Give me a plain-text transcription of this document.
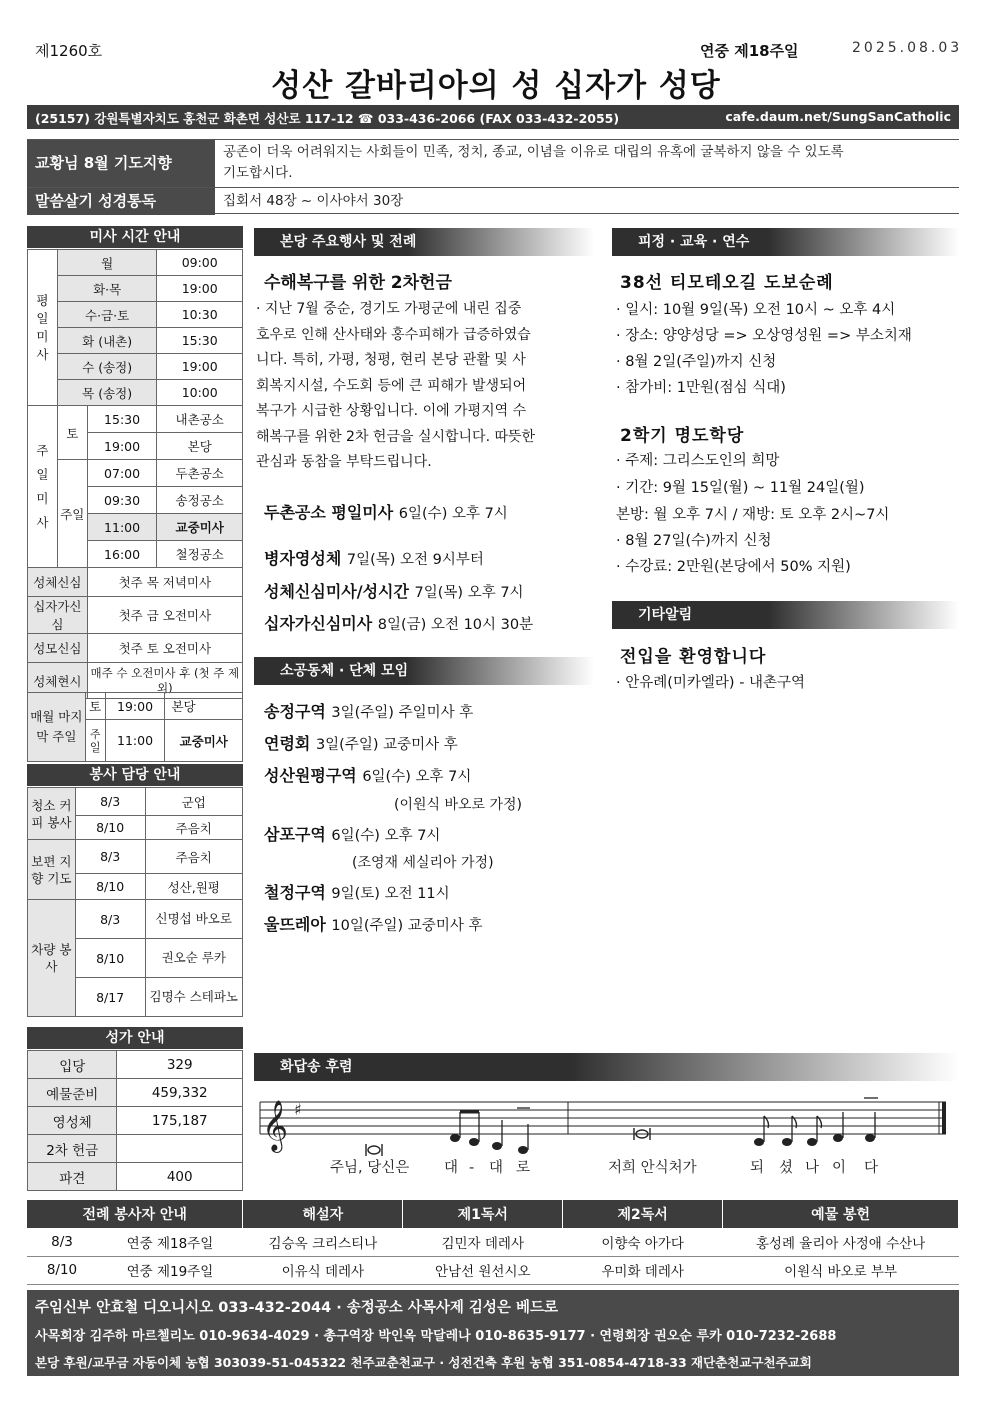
제1260호	연중 제18주일	2025.08.03
성산 갈바리아의 성 십자가 성당
(25157) 강원특별자치도 홍천군 화촌면 성산로 117-12 ☎ 033-436-2066 (FAX 033-432-2055)	cafe.daum.net/SungSanCatholic
교황님 8월 기도지향
공존이 더욱 어려워지는 사회들이 민족, 정치, 종교, 이념을 이유로 대립의 유혹에 굴복하지 않을 수 있도록
기도합시다.
말씀살기 성경통독	집회서 48장 ~ 이사야서 30장
미사 시간 안내
평
일
미
사	월		09:00
	화·목		19:00
	수·금·토		10:30
	화 (내촌)		15:30
	수 (송정)		19:00
	목 (송정)		10:00
주
일
미
사	토	15:30	내촌공소
		19:00	본당
	주일	07:00	두촌공소
		09:30	송정공소
		11:00	교중미사
		16:00	철정공소
성체신심		첫주 목 저녁미사	
십자가신심		첫주 금 오전미사	
성모신심		첫주 토 오전미사	
성체현시		매주 수 오전미사 후 (첫 주 제외)	
매월 마지막 주일	토	19:00	본당
	주일	11:00	교중미사
봉사 담당 안내
청소 커피 봉사	8/3	군업
	8/10	주음치
보편 지향 기도	8/3	주음치
	8/10	성산,원평
차량 봉사	8/3	신명섭 바오로
	8/10	권오순 루카
	8/17	김명수 스테파노
성가 안내
입당	329
예물준비	459,332
영성체	175,187
2차 헌금	
파견	400
본당 주요행사 및 전례
수해복구를 위한 2차헌금
· 지난 7월 중순, 경기도 가평군에 내린 집중
호우로 인해 산사태와 홍수피해가 급증하였습
니다. 특히, 가평, 청평, 현리 본당 관활 및 사
회복지시설, 수도회 등에 큰 피해가 발생되어
복구가 시급한 상황입니다. 이에 가평지역 수
해복구를 위한 2차 헌금을 실시합니다. 따뜻한
관심과 동참을 부탁드립니다.
두촌공소 평일미사 6일(수) 오후 7시
병자영성체 7일(목) 오전 9시부터
성체신심미사/성시간 7일(목) 오후 7시
십자가신심미사 8일(금) 오전 10시 30분
소공동체 · 단체 모임
송정구역 3일(주일) 주일미사 후
연령회 3일(주일) 교중미사 후
성산원평구역 6일(수) 오후 7시
(이원식 바오로 가정)
삼포구역 6일(수) 오후 7시
(조영재 세실리아 가정)
철정구역 9일(토) 오전 11시
울뜨레아 10일(주일) 교중미사 후
피정 · 교육 · 연수
38선 티모테오길 도보순례
· 일시: 10월 9일(목) 오전 10시 ~ 오후 4시
· 장소: 양양성당 => 오상영성원 => 부소치재
· 8월 2일(주일)까지 신청
· 참가비: 1만원(점심 식대)
2학기 명도학당
· 주제: 그리스도인의 희망
· 기간: 9월 15일(월) ~ 11월 24일(월)
본방: 월 오후 7시 / 재방: 토 오후 2시~7시
· 8월 27일(수)까지 신청
· 수강료: 2만원(본당에서 50% 지원)
기타알림
전입을 환영합니다
· 안유례(미카엘라) - 내촌구역
화답송 후렴
𝄞 ♯
주님, 당신은 대 - 대 로	저희 안식처가	되 셨 나 이 다
전례 봉사자 안내		해설자	제1독서	제2독서	예물 봉헌
8/3	연중 제18주일	김승옥 크리스티나	김민자 데레사	이향숙 아가다	홍성례 율리아 사정애 수산나
8/10	연중 제19주일	이유식 데레사	안남선 원선시오	우미화 데레사	이원식 바오로 부부
주임신부 안효철 디오니시오 033-432-2044 · 송정공소 사목사제 김성은 베드로
사목회장 김주하 마르첼리노 010-9634-4029 · 총구역장 박인옥 막달레나 010-8635-9177 · 연령회장 권오순 루카 010-7232-2688
본당 후원/교무금 자동이체 농협 303039-51-045322 천주교춘천교구 · 성전건축 후원 농협 351-0854-4718-33 재단춘천교구천주교회
